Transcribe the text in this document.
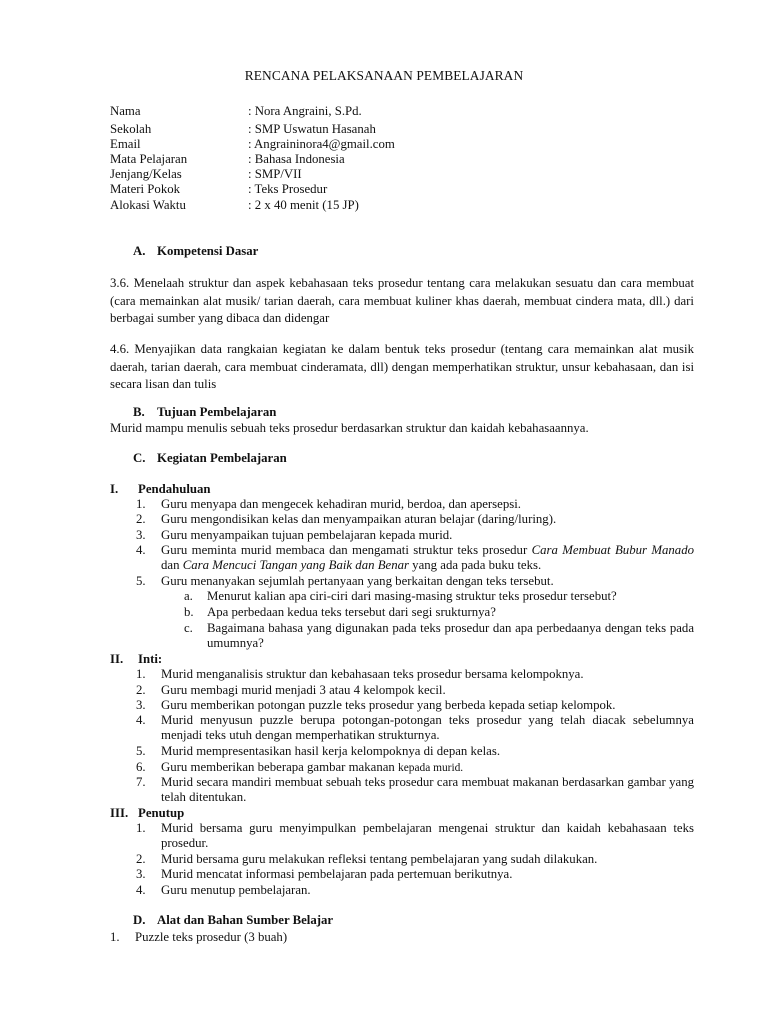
RENCANA PELAKSANAAN PEMBELAJARAN
Nama	: Nora Angraini, S.Pd.
Sekolah	: SMP Uswatun Hasanah
Email	: Angraininora4@gmail.com
Mata Pelajaran	: Bahasa Indonesia
Jenjang/Kelas	: SMP/VII
Materi Pokok	: Teks Prosedur
Alokasi Waktu	: 2 x 40 menit (15 JP)
A. Kompetensi Dasar
3.6. Menelaah struktur dan aspek kebahasaan teks prosedur tentang cara melakukan sesuatu dan cara membuat (cara memainkan alat musik/ tarian daerah, cara membuat kuliner khas daerah, membuat cindera mata, dll.) dari berbagai sumber yang dibaca dan didengar
4.6. Menyajikan data rangkaian kegiatan ke dalam bentuk teks prosedur (tentang cara memainkan alat musik daerah, tarian daerah, cara membuat cinderamata, dll) dengan memperhatikan struktur, unsur kebahasaan, dan isi secara lisan dan tulis
B. Tujuan Pembelajaran
Murid mampu menulis sebuah teks prosedur berdasarkan struktur dan kaidah kebahasaannya.
C. Kegiatan Pembelajaran
I. Pendahuluan
1.	Guru menyapa dan mengecek kehadiran murid, berdoa, dan apersepsi.
2.	Guru mengondisikan kelas dan menyampaikan aturan belajar (daring/luring).
3.	Guru menyampaikan tujuan pembelajaran kepada murid.
4.	Guru meminta murid membaca dan mengamati struktur teks prosedur Cara Membuat Bubur Manado dan Cara Mencuci Tangan yang Baik dan Benar yang ada pada buku teks.
5.	Guru menanyakan sejumlah pertanyaan yang berkaitan dengan teks tersebut.
a. Menurut kalian apa ciri-ciri dari masing-masing struktur teks prosedur tersebut?
b. Apa perbedaan kedua teks tersebut dari segi srukturnya?
c. Bagaimana bahasa yang digunakan pada teks prosedur dan apa perbedaanya dengan teks pada umumnya?
II. Inti:
1.	Murid menganalisis struktur dan kebahasaan teks prosedur bersama kelompoknya.
2.	Guru membagi murid menjadi 3 atau 4 kelompok kecil.
3.	Guru memberikan potongan puzzle teks prosedur yang berbeda kepada setiap kelompok.
4.	Murid menyusun puzzle berupa potongan-potongan teks prosedur yang telah diacak sebelumnya menjadi teks utuh dengan memperhatikan strukturnya.
5.	Murid mempresentasikan hasil kerja kelompoknya di depan kelas.
6.	Guru memberikan beberapa gambar makanan kepada murid.
7.	Murid secara mandiri membuat sebuah teks prosedur cara membuat makanan berdasarkan gambar yang telah ditentukan.
III. Penutup
1.	Murid bersama guru menyimpulkan pembelajaran mengenai struktur dan kaidah kebahasaan teks prosedur.
2.	Murid bersama guru melakukan refleksi tentang pembelajaran yang sudah dilakukan.
3.	Murid mencatat informasi pembelajaran pada pertemuan berikutnya.
4.	Guru menutup pembelajaran.
D. Alat dan Bahan Sumber Belajar
1.	Puzzle teks prosedur (3 buah)
